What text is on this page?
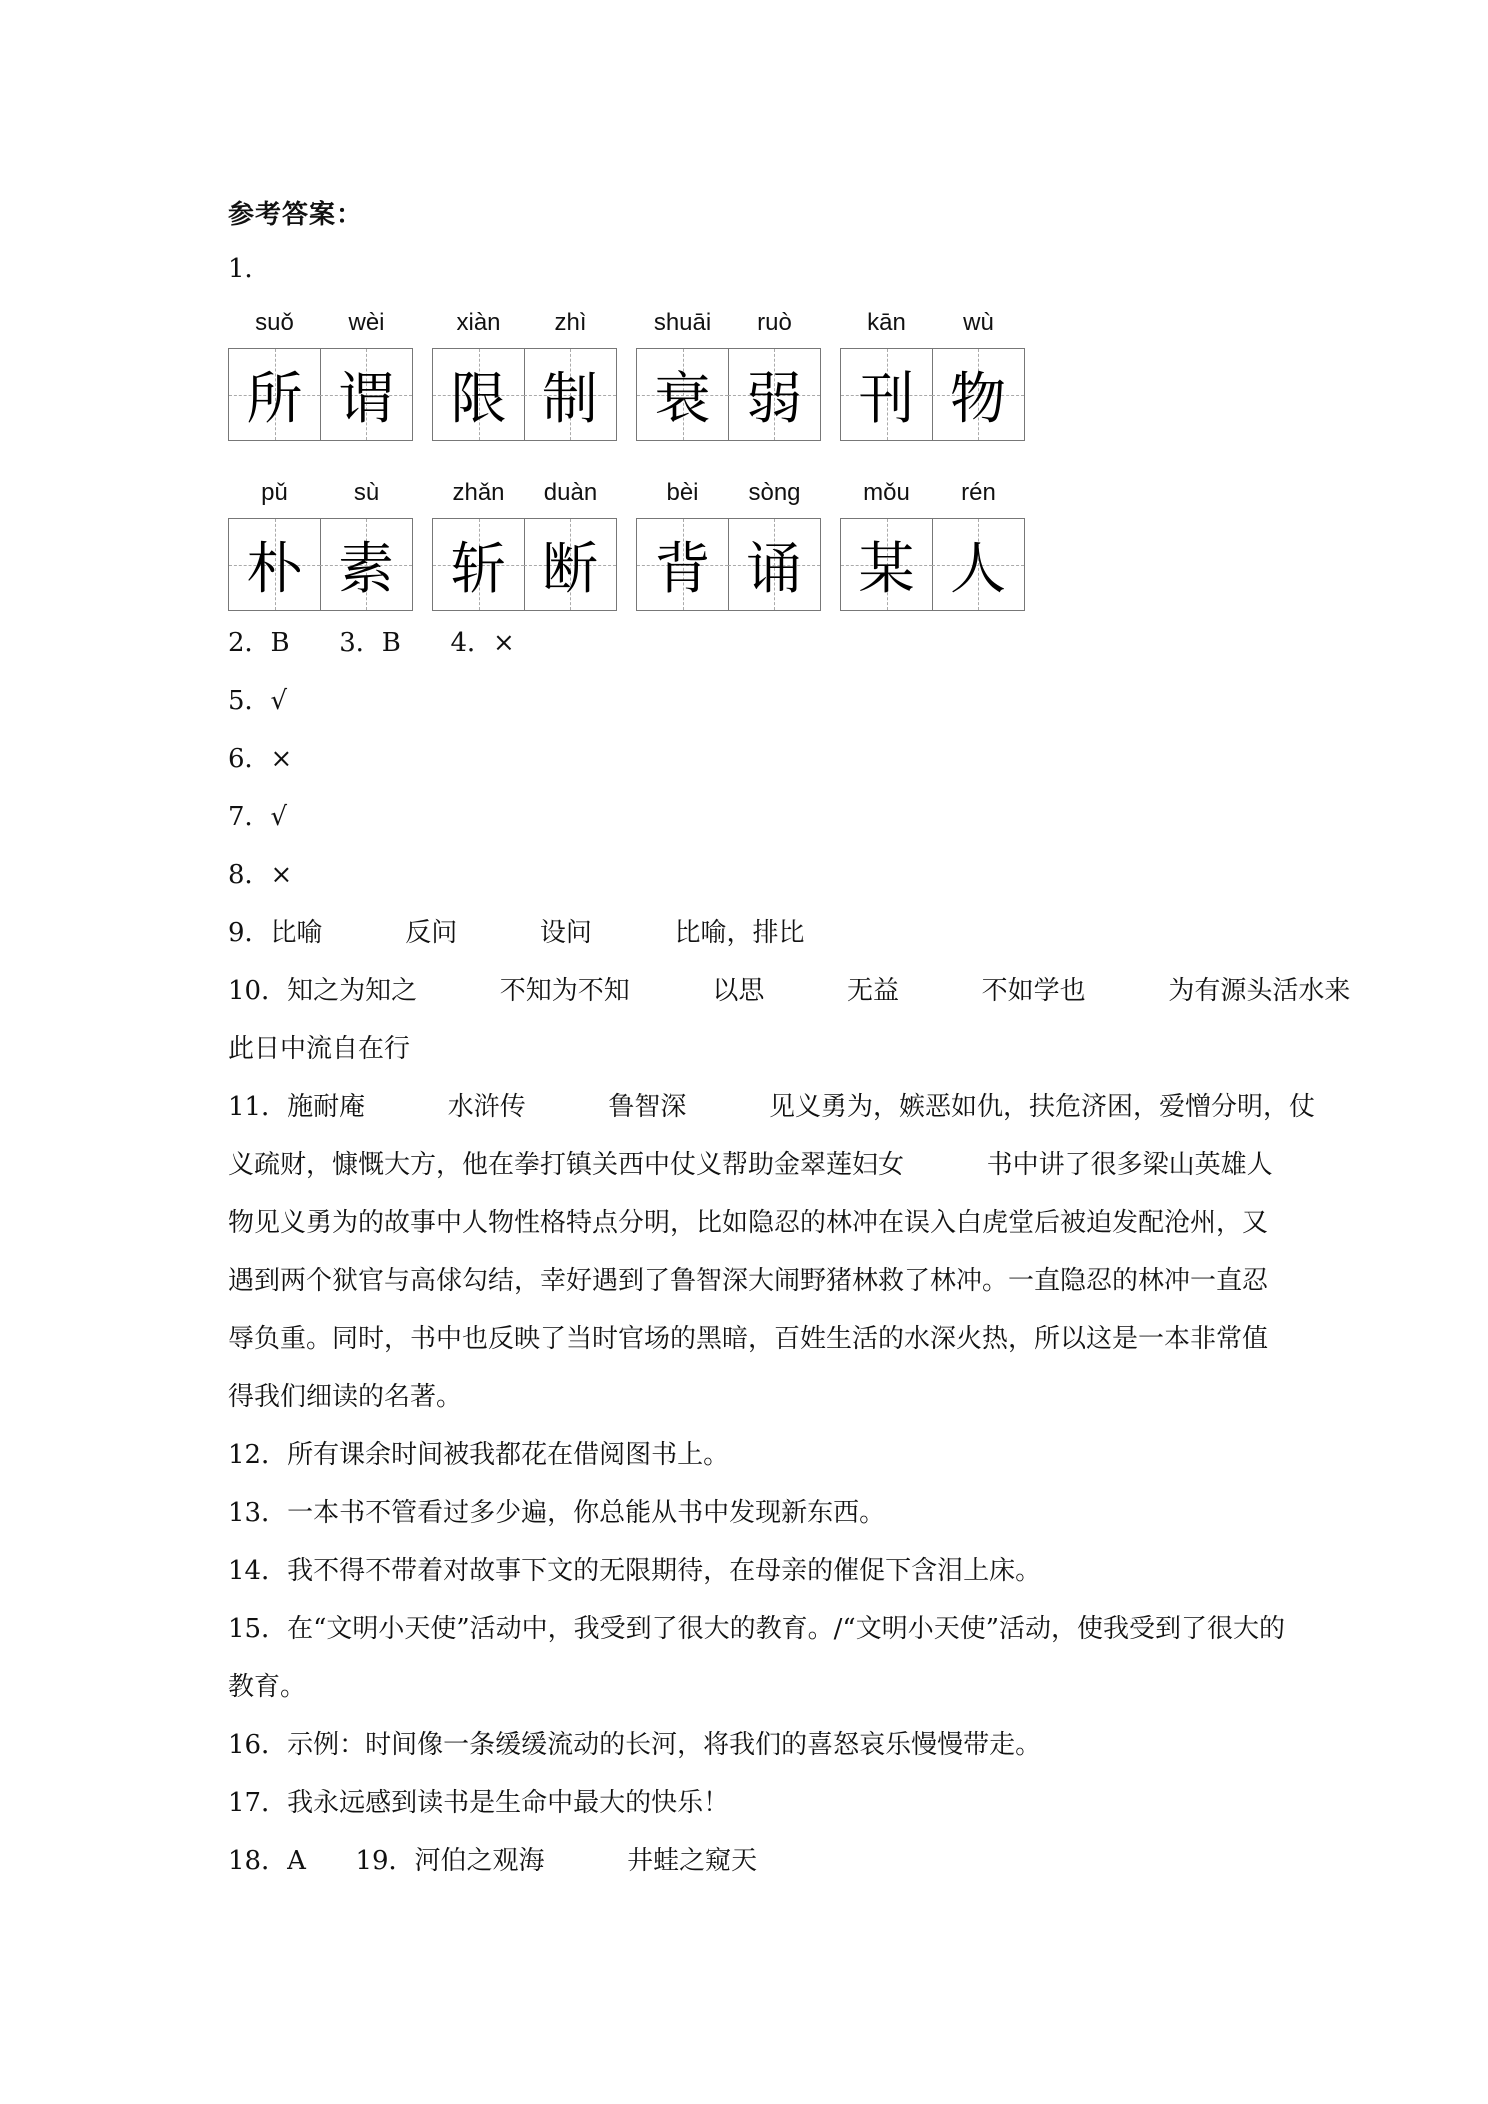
参考答案：
1．
suǒ
所
wèi
谓
xiàn
限
zhì
制
shuāi
衰
ruò
弱
kān
刊
wù
物
pǔ
朴
sù
素
zhǎn
斩
duàn
断
bèi
背
sòng
诵
mǒu
某
rén
人
2．B      3．B      4．×
5．√
6．×
7．√
8．×
9．比喻          反问          设问          比喻，排比
10．知之为知之          不知为不知          以思          无益          不如学也          为有源头活水来
此日中流自在行
11．施耐庵          水浒传          鲁智深          见义勇为，嫉恶如仇，扶危济困，爱憎分明，仗
义疏财，慷慨大方，他在拳打镇关西中仗义帮助金翠莲妇女          书中讲了很多梁山英雄人
物见义勇为的故事中人物性格特点分明，比如隐忍的林冲在误入白虎堂后被迫发配沧州，又
遇到两个狱官与高俅勾结，幸好遇到了鲁智深大闹野猪林救了林冲。一直隐忍的林冲一直忍
辱负重。同时，书中也反映了当时官场的黑暗，百姓生活的水深火热，所以这是一本非常值
得我们细读的名著。
12．所有课余时间被我都花在借阅图书上。
13．一本书不管看过多少遍，你总能从书中发现新东西。
14．我不得不带着对故事下文的无限期待，在母亲的催促下含泪上床。
15．在“文明小天使”活动中，我受到了很大的教育。/“文明小天使”活动，使我受到了很大的
教育。
16．示例：时间像一条缓缓流动的长河，将我们的喜怒哀乐慢慢带走。
17．我永远感到读书是生命中最大的快乐！
18．A      19．河伯之观海          井蛙之窥天
